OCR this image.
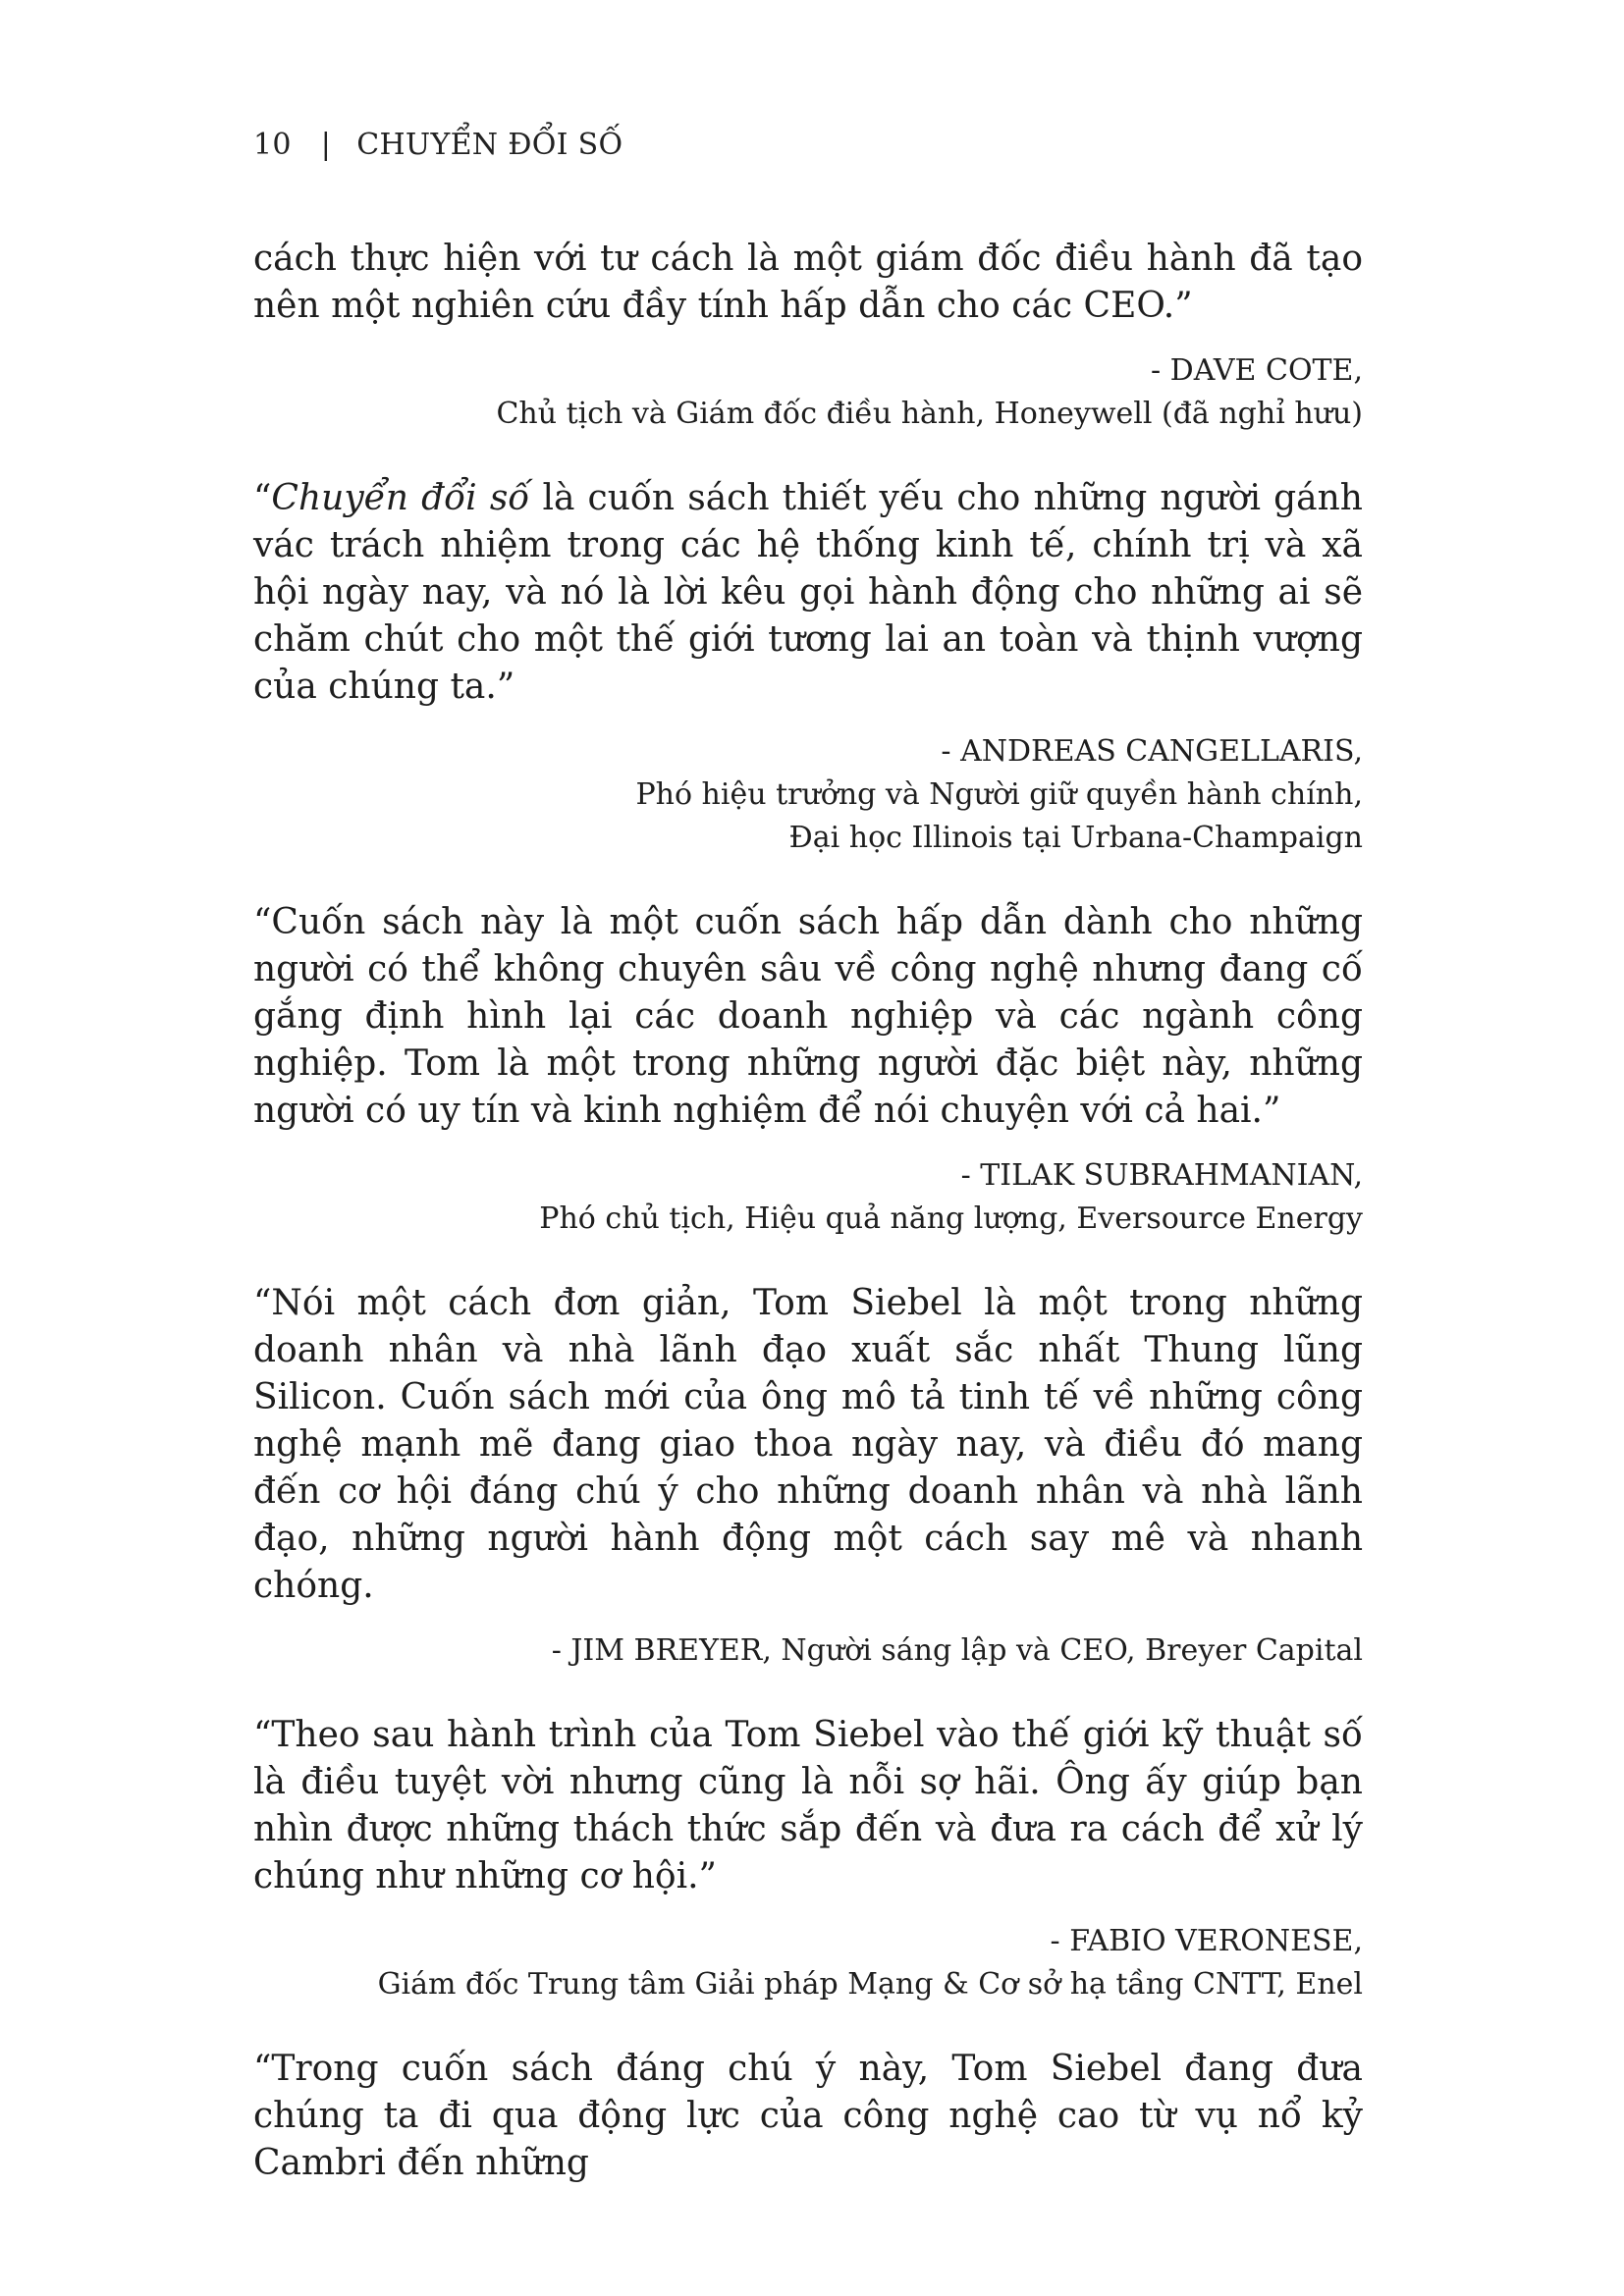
10 | CHUYỂN ĐỔI SỐ

cách thực hiện với tư cách là một giám đốc điều hành đã tạo nên một nghiên cứu đầy tính hấp dẫn cho các CEO.”

- DAVE COTE,
Chủ tịch và Giám đốc điều hành, Honeywell (đã nghỉ hưu)

“Chuyển đổi số là cuốn sách thiết yếu cho những người gánh vác trách nhiệm trong các hệ thống kinh tế, chính trị và xã hội ngày nay, và nó là lời kêu gọi hành động cho những ai sẽ chăm chút cho một thế giới tương lai an toàn và thịnh vượng của chúng ta.”

- ANDREAS CANGELLARIS,
Phó hiệu trưởng và Người giữ quyền hành chính,
Đại học Illinois tại Urbana-Champaign

“Cuốn sách này là một cuốn sách hấp dẫn dành cho những người có thể không chuyên sâu về công nghệ nhưng đang cố gắng định hình lại các doanh nghiệp và các ngành công nghiệp. Tom là một trong những người đặc biệt này, những người có uy tín và kinh nghiệm để nói chuyện với cả hai.”

- TILAK SUBRAHMANIAN,
Phó chủ tịch, Hiệu quả năng lượng, Eversource Energy

“Nói một cách đơn giản, Tom Siebel là một trong những doanh nhân và nhà lãnh đạo xuất sắc nhất Thung lũng Silicon. Cuốn sách mới của ông mô tả tinh tế về những công nghệ mạnh mẽ đang giao thoa ngày nay, và điều đó mang đến cơ hội đáng chú ý cho những doanh nhân và nhà lãnh đạo, những người hành động một cách say mê và nhanh chóng.

- JIM BREYER, Người sáng lập và CEO, Breyer Capital

“Theo sau hành trình của Tom Siebel vào thế giới kỹ thuật số là điều tuyệt vời nhưng cũng là nỗi sợ hãi. Ông ấy giúp bạn nhìn được những thách thức sắp đến và đưa ra cách để xử lý chúng như những cơ hội.”

- FABIO VERONESE,
Giám đốc Trung tâm Giải pháp Mạng & Cơ sở hạ tầng CNTT, Enel

“Trong cuốn sách đáng chú ý này, Tom Siebel đang đưa chúng ta đi qua động lực của công nghệ cao từ vụ nổ kỷ Cambri đến những
